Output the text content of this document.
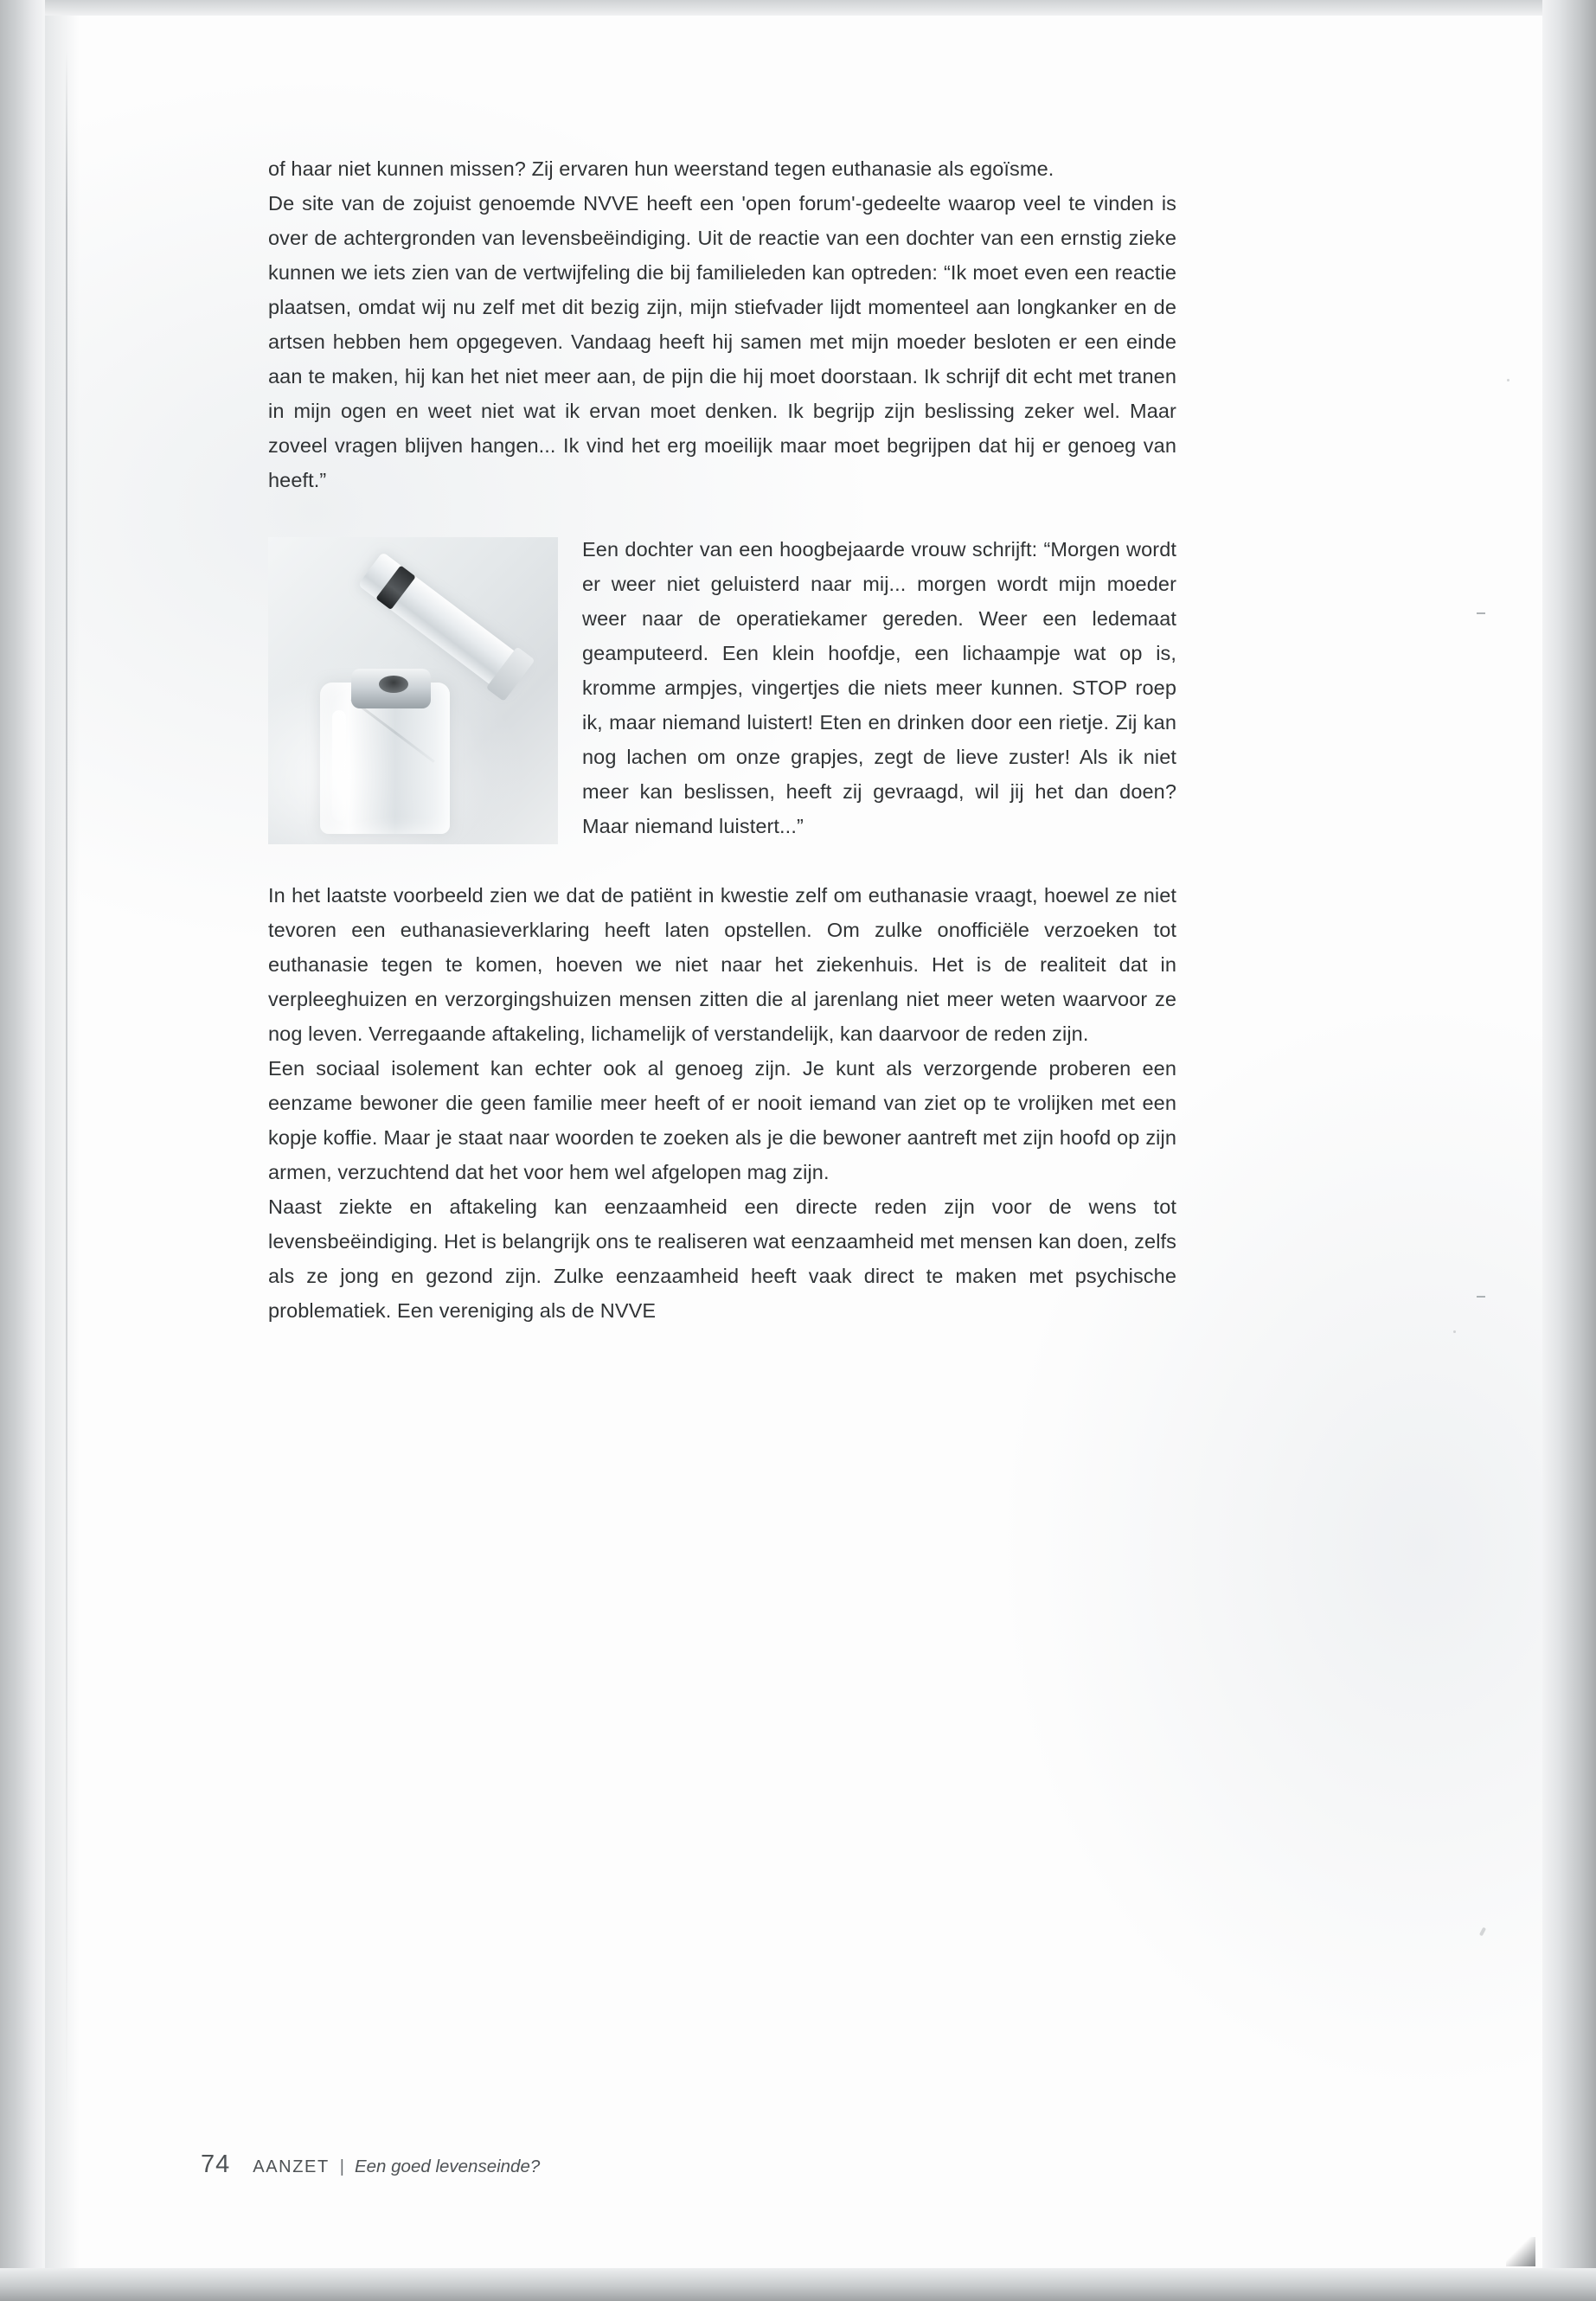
of haar niet kunnen missen? Zij ervaren hun weerstand tegen euthanasie als egoïsme.

De site van de zojuist genoemde NVVE heeft een 'open forum'-gedeelte waarop veel te vinden is over de achtergronden van levensbeëindiging. Uit de reactie van een dochter van een ernstig zieke kunnen we iets zien van de vertwijfeling die bij familieleden kan optreden: “Ik moet even een reactie plaatsen, omdat wij nu zelf met dit bezig zijn, mijn stiefvader lijdt momenteel aan longkanker en de artsen hebben hem opgegeven. Vandaag heeft hij samen met mijn moeder besloten er een einde aan te maken, hij kan het niet meer aan, de pijn die hij moet doorstaan. Ik schrijf dit echt met tranen in mijn ogen en weet niet wat ik ervan moet denken. Ik begrijp zijn beslissing zeker wel. Maar zoveel vragen blijven hangen... Ik vind het erg moeilijk maar moet begrijpen dat hij er genoeg van heeft.”

Een dochter van een hoogbejaarde vrouw schrijft: “Morgen wordt er weer niet geluisterd naar mij... morgen wordt mijn moeder weer naar de operatiekamer gereden. Weer een ledemaat geamputeerd. Een klein hoofdje, een lichaampje wat op is, kromme armpjes, vingertjes die niets meer kunnen. STOP roep ik, maar niemand luistert! Eten en drinken door een rietje. Zij kan nog lachen om onze grapjes, zegt de lieve zuster! Als ik niet meer kan beslissen, heeft zij gevraagd, wil jij het dan doen? Maar niemand luistert...”

In het laatste voorbeeld zien we dat de patiënt in kwestie zelf om euthanasie vraagt, hoewel ze niet tevoren een euthanasieverklaring heeft laten opstellen. Om zulke onofficiële verzoeken tot euthanasie tegen te komen, hoeven we niet naar het ziekenhuis. Het is de realiteit dat in verpleeghuizen en verzorgingshuizen mensen zitten die al jarenlang niet meer weten waarvoor ze nog leven. Verregaande aftakeling, lichamelijk of verstandelijk, kan daarvoor de reden zijn.

Een sociaal isolement kan echter ook al genoeg zijn. Je kunt als verzorgende proberen een eenzame bewoner die geen familie meer heeft of er nooit iemand van ziet op te vrolijken met een kopje koffie. Maar je staat naar woorden te zoeken als je die bewoner aantreft met zijn hoofd op zijn armen, verzuchtend dat het voor hem wel afgelopen mag zijn.

Naast ziekte en aftakeling kan eenzaamheid een directe reden zijn voor de wens tot levensbeëindiging. Het is belangrijk ons te realiseren wat eenzaamheid met mensen kan doen, zelfs als ze jong en gezond zijn. Zulke eenzaamheid heeft vaak direct te maken met psychische problematiek. Een vereniging als de NVVE

74 AANZET | Een goed levenseinde?
